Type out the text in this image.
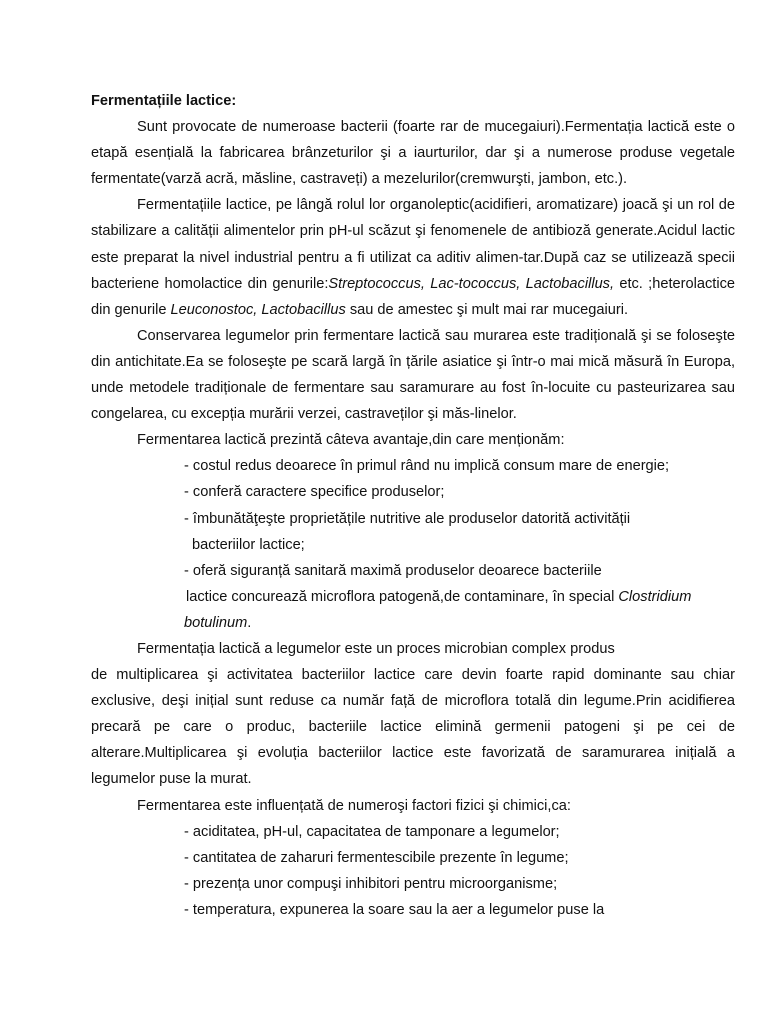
Fermentațiile lactice:

Sunt provocate de numeroase bacterii (foarte rar de mucegaiuri).Fermentația lactică este o etapă esențială la fabricarea brânzeturilor şi a iaurturilor, dar şi a numerose produse vegetale fermentate(varză acră, măsline, castraveți) a mezelurilor(cremwurşti, jambon, etc.).

Fermentațiile lactice, pe lângă rolul lor organoleptic(acidifieri, aromatizare) joacă şi un rol de stabilizare a calității alimentelor prin pH-ul scăzut şi fenomenele de antibioză generate.Acidul lactic este preparat la nivel industrial pentru a fi utilizat ca aditiv alimen-tar.După caz se utilizează specii bacteriene homolactice din genurile:Streptococcus, Lac-tococcus, Lactobacillus, etc. ;heterolactice din genurile Leuconostoc, Lactobacillus sau de amestec şi mult mai rar mucegaiuri.

Conservarea legumelor prin fermentare lactică sau murarea este tradițională şi se foloseşte din antichitate.Ea se foloseşte pe scară largă în țările asiatice şi într-o mai mică măsură în Europa, unde metodele tradiționale de fermentare sau saramurare au fost în-locuite cu pasteurizarea sau congelarea, cu excepția murării verzei, castraveților şi măs-linelor.

Fermentarea lactică prezintă câteva avantaje,din care menționăm:

- costul redus deoarece în primul rând nu implică consum mare de energie;
- conferă caractere specifice produselor;
- îmbunătăţeşte proprietățile nutritive ale produselor datorită activității
bacteriilor lactice;
- oferă siguranță sanitară maximă produselor deoarece bacteriile
lactice concurează microflora patogenă,de contaminare, în special Clostridium
botulinum.

Fermentația lactică a legumelor este un proces microbian complex produs

de multiplicarea şi activitatea bacteriilor lactice care devin foarte rapid dominante sau chiar exclusive, deşi inițial sunt reduse ca număr față de microflora totală din legume.Prin acidifierea precară pe care o produc, bacteriile lactice elimină germenii patogeni şi pe cei de alterare.Multiplicarea şi evoluția bacteriilor lactice este favorizată de saramurarea inițială a legumelor puse la murat.

Fermentarea este influențată de numeroşi factori fizici şi chimici,ca:

- aciditatea, pH-ul, capacitatea de tamponare a legumelor;
- cantitatea de zaharuri fermentescibile prezente în legume;
- prezența unor compuşi inhibitori pentru microorganisme;
- temperatura, expunerea la soare sau la aer a legumelor puse la
